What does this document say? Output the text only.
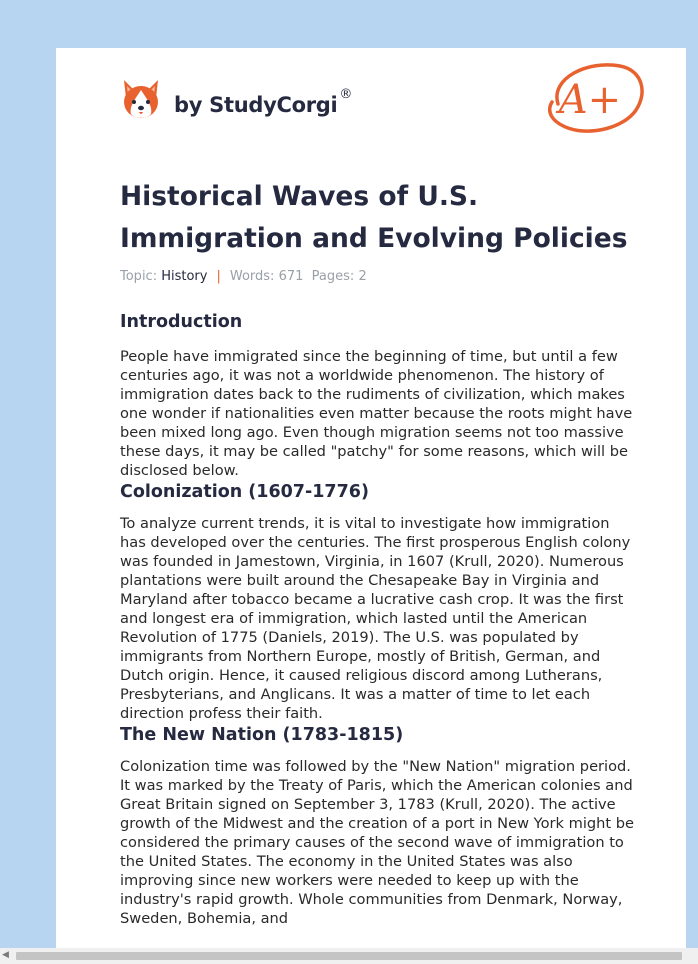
by StudyCorgi ®	A+
Historical Waves of U.S. Immigration and Evolving Policies
Topic: History | Words: 671 Pages: 2
Introduction

People have immigrated since the beginning of time, but until a few centuries ago, it was not a worldwide phenomenon. The history of immigration dates back to the rudiments of civilization, which makes one wonder if nationalities even matter because the roots might have been mixed long ago. Even though migration seems not too massive these days, it may be called "patchy" for some reasons, which will be disclosed below.

Colonization (1607-1776)

To analyze current trends, it is vital to investigate how immigration has developed over the centuries. The first prosperous English colony was founded in Jamestown, Virginia, in 1607 (Krull, 2020). Numerous plantations were built around the Chesapeake Bay in Virginia and Maryland after tobacco became a lucrative cash crop. It was the first and longest era of immigration, which lasted until the American Revolution of 1775 (Daniels, 2019). The U.S. was populated by immigrants from Northern Europe, mostly of British, German, and Dutch origin. Hence, it caused religious discord among Lutherans, Presbyterians, and Anglicans. It was a matter of time to let each direction profess their faith.

The New Nation (1783-1815)

Colonization time was followed by the "New Nation" migration period. It was marked by the Treaty of Paris, which the American colonies and Great Britain signed on September 3, 1783 (Krull, 2020). The active growth of the Midwest and the creation of a port in New York might be considered the primary causes of the second wave of immigration to the United States. The economy in the United States was also improving since new workers were needed to keep up with the industry's rapid growth. Whole communities from Denmark, Norway, Sweden, Bohemia, and

◀
